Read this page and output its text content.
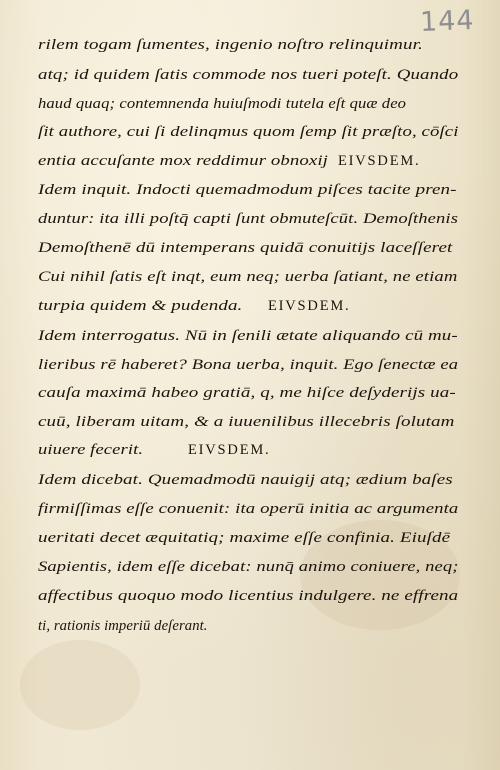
144
rilem togam ſumentes, ingenio noſtro relinquimur.
atq; id quidem ſatis commode nos tueri poteſt. Quando
haud quaq; contemnenda huiuſmodi tutela eſt quæ deo
ſit authore, cui ſi delinqmus quom ſemp ſit præſto, cōſci
entia accuſante mox reddimur obnoxij EIVSDEM.
Idem inquit. Indocti quemadmodum piſces tacite pren-
duntur: ita illi poſtq̄ capti ſunt obmuteſcūt. Demoſthenis
Demoſthenē dū intemperans quidā conuitijs laceſſeret
Cui nihil ſatis eſt inqt, eum neq; uerba ſatiant, ne etiam
turpia quidem & pudenda. EIVSDEM.
Idem interrogatus. Nū in ſenili ætate aliquando cū mu-
lieribus rē haberet? Bona uerba, inquit. Ego ſenectæ ea
cauſa maximā habeo gratiā, q, me hiſce deſyderijs ua-
cuū, liberam uitam, & a iuuenilibus illecebris ſolutam
uiuere fecerit.	EIVSDEM.
Idem dicebat. Quemadmodū nauigij atq; ædium baſes
firmiſſimas eſſe conuenit: ita operū initia ac argumenta
ueritati decet æquitatiq; maxime eſſe confinia. Eiuſdē
Sapientis, idem eſſe dicebat: nunq̄ animo coniuere, neq;
affectibus quoquo modo licentius indulgere. ne effrena
ti, rationis imperiū deſerant.
